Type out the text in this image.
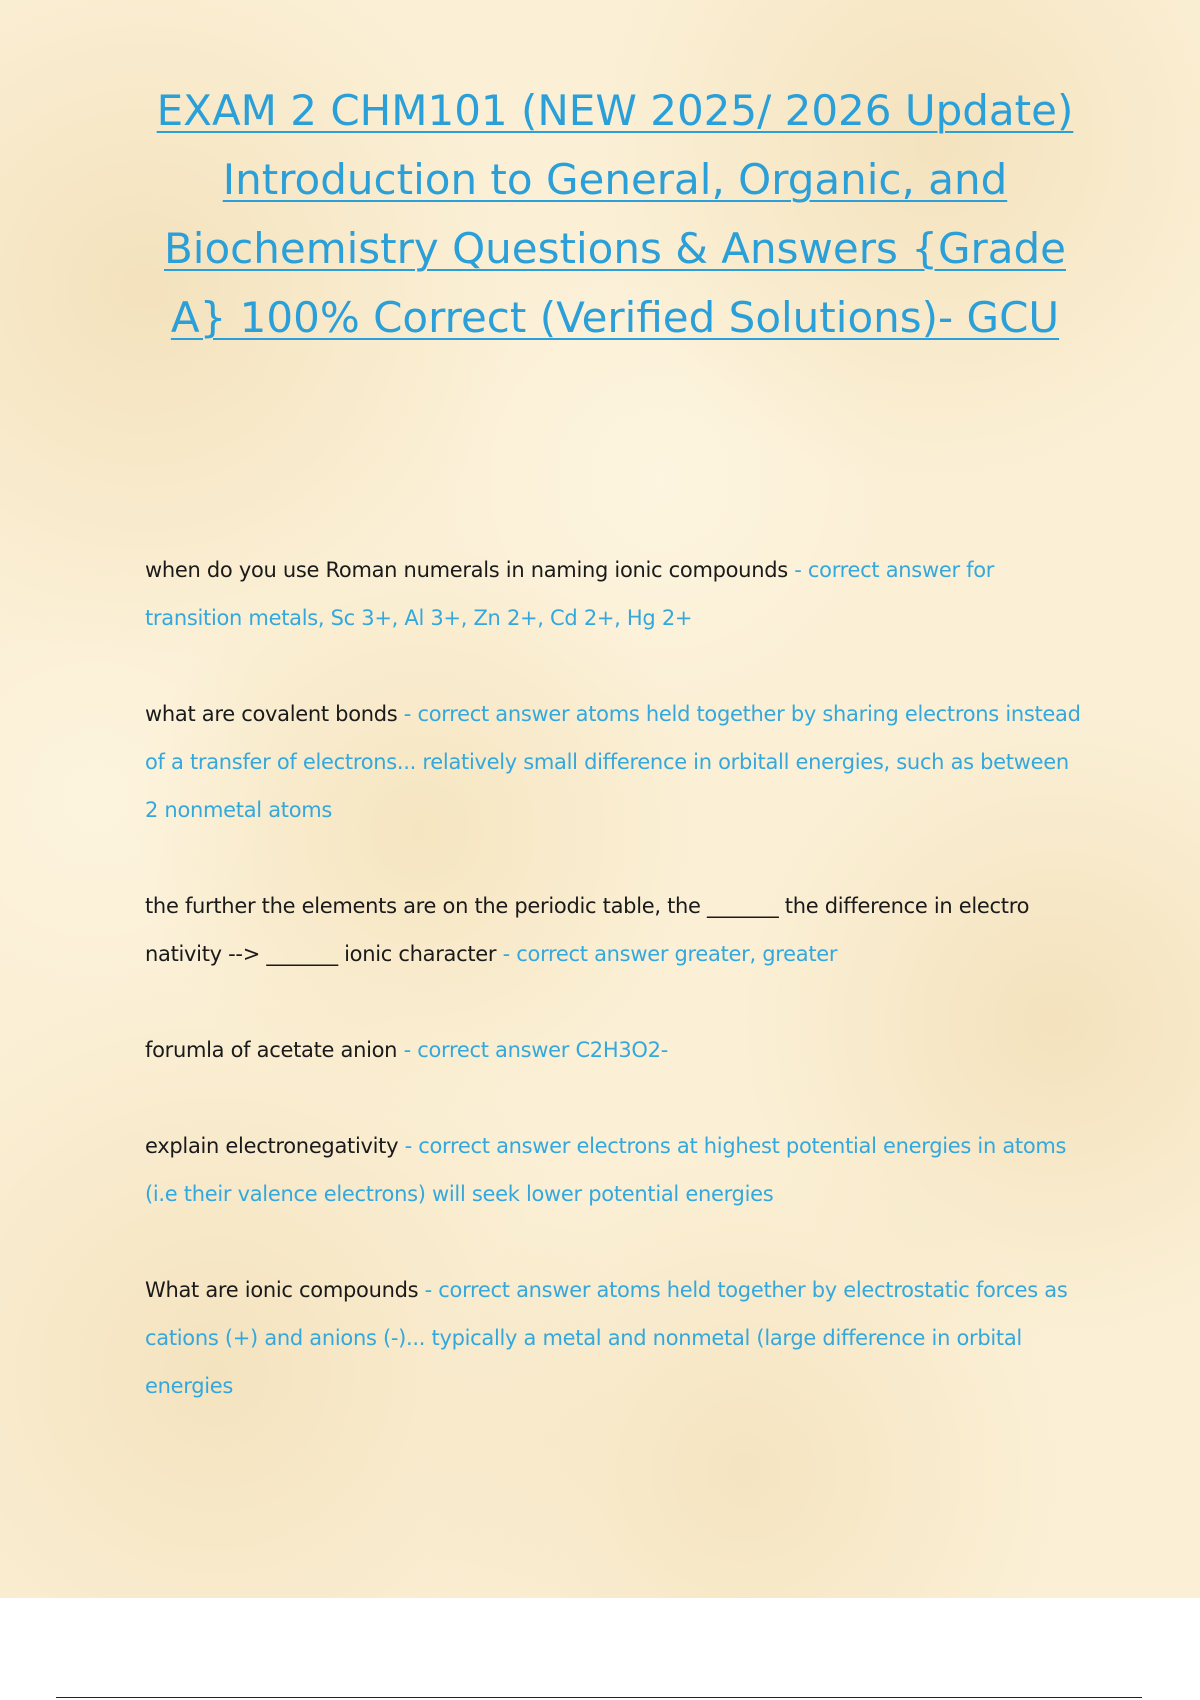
EXAM 2 CHM101 (NEW 2025/ 2026 Update) Introduction to General, Organic, and Biochemistry Questions & Answers {Grade A} 100% Correct (Verified Solutions)- GCU

when do you use Roman numerals in naming ionic compounds - correct answer for transition metals, Sc 3+, Al 3+, Zn 2+, Cd 2+, Hg 2+

what are covalent bonds - correct answer atoms held together by sharing electrons instead of a transfer of electrons... relatively small difference in orbitall energies, such as between 2 nonmetal atoms

the further the elements are on the periodic table, the _______ the difference in electro nativity --> _______ ionic character - correct answer greater, greater

forumla of acetate anion - correct answer C2H3O2-

explain electronegativity - correct answer electrons at highest potential energies in atoms (i.e their valence electrons) will seek lower potential energies

What are ionic compounds - correct answer atoms held together by electrostatic forces as cations (+) and anions (-)... typically a metal and nonmetal (large difference in orbital energies
